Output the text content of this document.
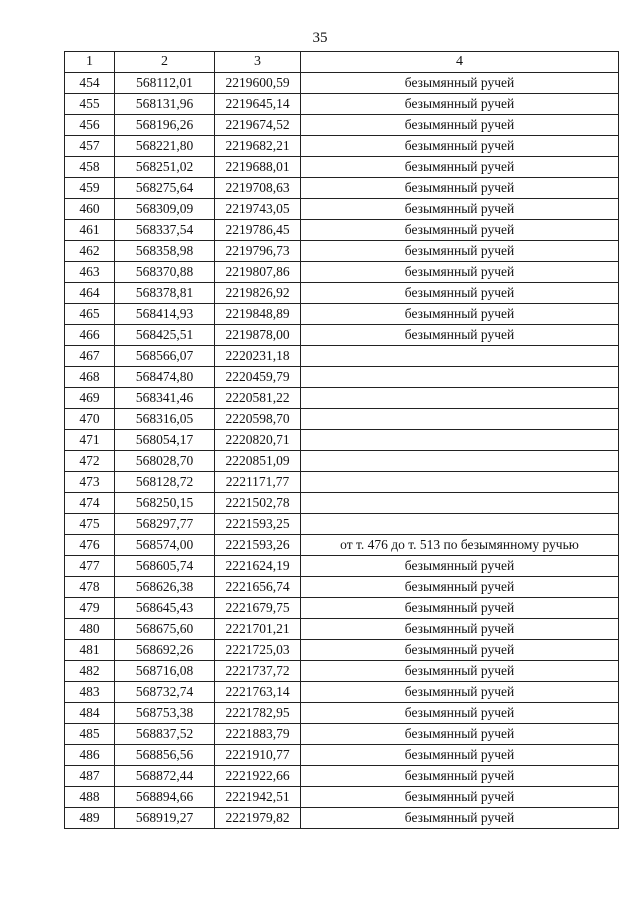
35
1	2	3	4
454	568112,01	2219600,59	безымянный ручей
455	568131,96	2219645,14	безымянный ручей
456	568196,26	2219674,52	безымянный ручей
457	568221,80	2219682,21	безымянный ручей
458	568251,02	2219688,01	безымянный ручей
459	568275,64	2219708,63	безымянный ручей
460	568309,09	2219743,05	безымянный ручей
461	568337,54	2219786,45	безымянный ручей
462	568358,98	2219796,73	безымянный ручей
463	568370,88	2219807,86	безымянный ручей
464	568378,81	2219826,92	безымянный ручей
465	568414,93	2219848,89	безымянный ручей
466	568425,51	2219878,00	безымянный ручей
467	568566,07	2220231,18	
468	568474,80	2220459,79	
469	568341,46	2220581,22	
470	568316,05	2220598,70	
471	568054,17	2220820,71	
472	568028,70	2220851,09	
473	568128,72	2221171,77	
474	568250,15	2221502,78	
475	568297,77	2221593,25	
476	568574,00	2221593,26	от т. 476 до т. 513 по безымянному ручью
477	568605,74	2221624,19	безымянный ручей
478	568626,38	2221656,74	безымянный ручей
479	568645,43	2221679,75	безымянный ручей
480	568675,60	2221701,21	безымянный ручей
481	568692,26	2221725,03	безымянный ручей
482	568716,08	2221737,72	безымянный ручей
483	568732,74	2221763,14	безымянный ручей
484	568753,38	2221782,95	безымянный ручей
485	568837,52	2221883,79	безымянный ручей
486	568856,56	2221910,77	безымянный ручей
487	568872,44	2221922,66	безымянный ручей
488	568894,66	2221942,51	безымянный ручей
489	568919,27	2221979,82	безымянный ручей
